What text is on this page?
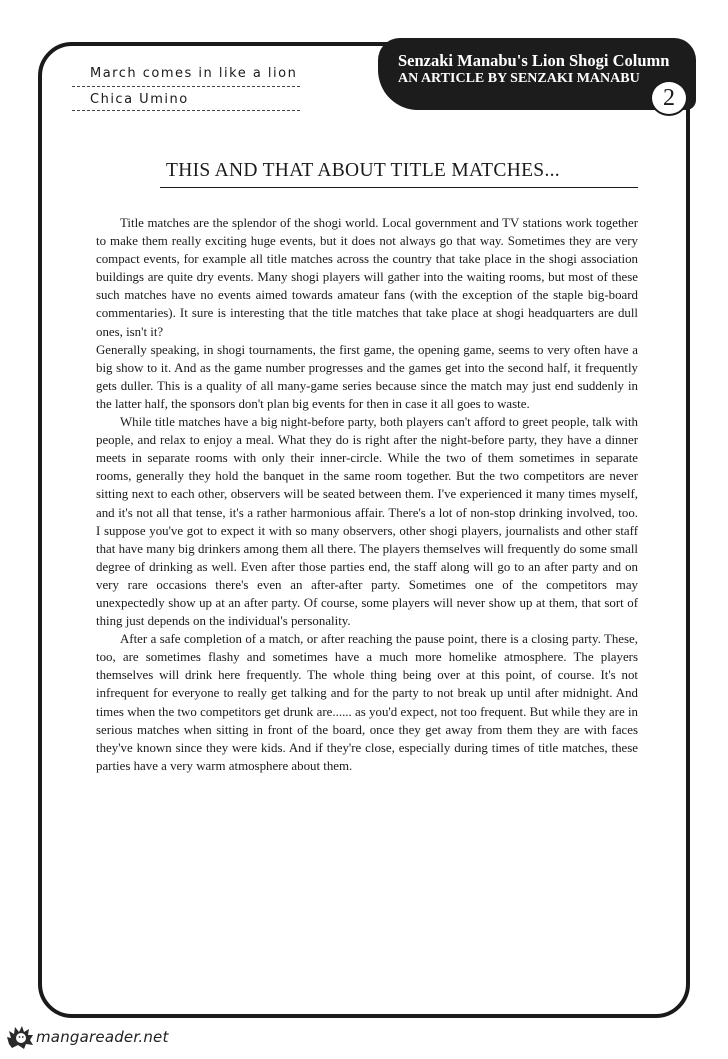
March comes in like a lion
Chica Umino
Senzaki Manabu's Lion Shogi Column
AN ARTICLE BY SENZAKI MANABU
2
THIS AND THAT ABOUT TITLE MATCHES...

Title matches are the splendor of the shogi world. Local government and TV stations work together to make them really exciting huge events, but it does not always go that way. Sometimes they are very compact events, for example all title matches across the country that take place in the shogi association buildings are quite dry events. Many shogi players will gather into the waiting rooms, but most of these such matches have no events aimed towards amateur fans (with the exception of the staple big-board commentaries). It sure is interesting that the title matches that take place at shogi headquarters are dull ones, isn't it?

Generally speaking, in shogi tournaments, the first game, the opening game, seems to very often have a big show to it. And as the game number progresses and the games get into the second half, it frequently gets duller. This is a quality of all many-game series because since the match may just end suddenly in the latter half, the sponsors don't plan big events for then in case it all goes to waste.

While title matches have a big night-before party, both players can't afford to greet people, talk with people, and relax to enjoy a meal. What they do is right after the night-before party, they have a dinner meets in separate rooms with only their inner-circle. While the two of them sometimes in separate rooms, generally they hold the banquet in the same room together. But the two competitors are never sitting next to each other, observers will be seated between them. I've experienced it many times myself, and it's not all that tense, it's a rather harmonious affair. There's a lot of non-stop drinking involved, too. I suppose you've got to expect it with so many observers, other shogi players, journalists and other staff that have many big drinkers among them all there. The players themselves will frequently do some small degree of drinking as well. Even after those parties end, the staff along will go to an after party and on very rare occasions there's even an after-after party. Sometimes one of the competitors may unexpectedly show up at an after party. Of course, some players will never show up at them, that sort of thing just depends on the individual's personality.

After a safe completion of a match, or after reaching the pause point, there is a closing party. These, too, are sometimes flashy and sometimes have a much more homelike atmosphere. The players themselves will drink here frequently. The whole thing being over at this point, of course. It's not infrequent for everyone to really get talking and for the party to not break up until after midnight. And times when the two competitors get drunk are...... as you'd expect, not too frequent. But while they are in serious matches when sitting in front of the board, once they get away from them they are with faces they've known since they were kids. And if they're close, especially during times of title matches, these parties have a very warm atmosphere about them.

mangareader.net
